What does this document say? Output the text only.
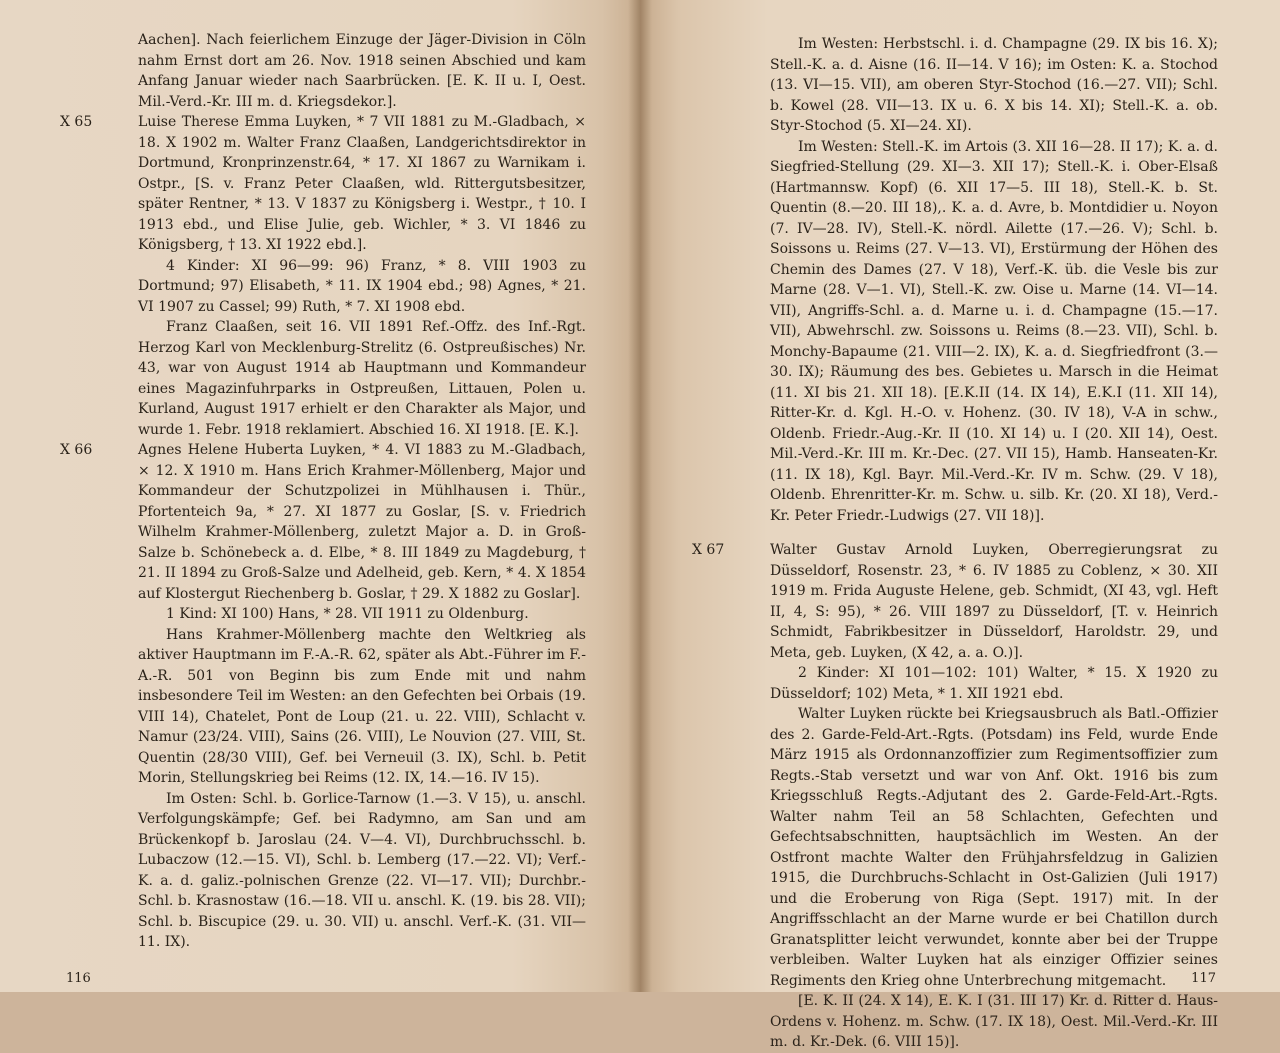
Aachen]. Nach feierlichem Einzuge der Jäger-Division in Cöln nahm Ernst dort am 26. Nov. 1918 seinen Abschied und kam Anfang Januar wieder nach Saarbrücken. [E. K. II u. I, Oest. Mil.-Verd.-Kr. III m. d. Kriegsdekor.].

X 65	Luise Therese Emma Luyken, * 7 VII 1881 zu M.-Gladbach, × 18. X 1902 m. Walter Franz Claaßen, Landgerichtsdirektor in Dortmund, Kronprinzenstr.64, * 17. XI 1867 zu Warnikam i. Ostpr., [S. v. Franz Peter Claaßen, wld. Rittergutsbesitzer, später Rentner, * 13. V 1837 zu Königsberg i. Westpr., † 10. I 1913 ebd., und Elise Julie, geb. Wichler, * 3. VI 1846 zu Königsberg, † 13. XI 1922 ebd.].

4 Kinder: XI 96—99: 96) Franz, * 8. VIII 1903 zu Dortmund; 97) Elisabeth, * 11. IX 1904 ebd.; 98) Agnes, * 21. VI 1907 zu Cassel; 99) Ruth, * 7. XI 1908 ebd.

Franz Claaßen, seit 16. VII 1891 Ref.-Offz. des Inf.-Rgt. Herzog Karl von Mecklenburg-Strelitz (6. Ostpreußisches) Nr. 43, war von August 1914 ab Hauptmann und Kommandeur eines Magazinfuhrparks in Ostpreußen, Littauen, Polen u. Kurland, August 1917 erhielt er den Charakter als Major, und wurde 1. Febr. 1918 reklamiert. Abschied 16. XI 1918. [E. K.].

X 66	Agnes Helene Huberta Luyken, * 4. VI 1883 zu M.-Gladbach, × 12. X 1910 m. Hans Erich Krahmer-Möllenberg, Major und Kommandeur der Schutzpolizei in Mühlhausen i. Thür., Pfortenteich 9a, * 27. XI 1877 zu Goslar, [S. v. Friedrich Wilhelm Krahmer-Möllenberg, zuletzt Major a. D. in Groß-Salze b. Schönebeck a. d. Elbe, * 8. III 1849 zu Magdeburg, † 21. II 1894 zu Groß-Salze und Adelheid, geb. Kern, * 4. X 1854 auf Klostergut Riechenberg b. Goslar, † 29. X 1882 zu Goslar].

1 Kind: XI 100) Hans, * 28. VII 1911 zu Oldenburg.

Hans Krahmer-Möllenberg machte den Weltkrieg als aktiver Hauptmann im F.-A.-R. 62, später als Abt.-Führer im F.-A.-R. 501 von Beginn bis zum Ende mit und nahm insbesondere Teil im Westen: an den Gefechten bei Orbais (19. VIII 14), Chatelet, Pont de Loup (21. u. 22. VIII), Schlacht v. Namur (23/24. VIII), Sains (26. VIII), Le Nouvion (27. VIII, St. Quentin (28/30 VIII), Gef. bei Verneuil (3. IX), Schl. b. Petit Morin, Stellungskrieg bei Reims (12. IX, 14.—16. IV 15).

Im Osten: Schl. b. Gorlice-Tarnow (1.—3. V 15), u. anschl. Verfolgungskämpfe; Gef. bei Radymno, am San und am Brückenkopf b. Jaroslau (24. V—4. VI), Durchbruchsschl. b. Lubaczow (12.—15. VI), Schl. b. Lemberg (17.—22. VI); Verf.-K. a. d. galiz.-polnischen Grenze (22. VI—17. VII); Durchbr.-Schl. b. Krasnostaw (16.—18. VII u. anschl. K. (19. bis 28. VII); Schl. b. Biscupice (29. u. 30. VII) u. anschl. Verf.-K. (31. VII—11. IX).

116

Im Westen: Herbstschl. i. d. Champagne (29. IX bis 16. X); Stell.-K. a. d. Aisne (16. II—14. V 16); im Osten: K. a. Stochod (13. VI—15. VII), am oberen Styr-Stochod (16.—27. VII); Schl. b. Kowel (28. VII—13. IX u. 6. X bis 14. XI); Stell.-K. a. ob. Styr-Stochod (5. XI—24. XI).

Im Westen: Stell.-K. im Artois (3. XII 16—28. II 17); K. a. d. Siegfried-Stellung (29. XI—3. XII 17); Stell.-K. i. Ober-Elsaß (Hartmannsw. Kopf) (6. XII 17—5. III 18), Stell.-K. b. St. Quentin (8.—20. III 18),. K. a. d. Avre, b. Montdidier u. Noyon (7. IV—28. IV), Stell.-K. nördl. Ailette (17.—26. V); Schl. b. Soissons u. Reims (27. V—13. VI), Erstürmung der Höhen des Chemin des Dames (27. V 18), Verf.-K. üb. die Vesle bis zur Marne (28. V—1. VI), Stell.-K. zw. Oise u. Marne (14. VI—14. VII), Angriffs-Schl. a. d. Marne u. i. d. Champagne (15.—17. VII), Abwehrschl. zw. Soissons u. Reims (8.—23. VII), Schl. b. Monchy-Bapaume (21. VIII—2. IX), K. a. d. Siegfriedfront (3.—30. IX); Räumung des bes. Gebietes u. Marsch in die Heimat (11. XI bis 21. XII 18). [E.K.II (14. IX 14), E.K.I (11. XII 14), Ritter-Kr. d. Kgl. H.-O. v. Hohenz. (30. IV 18), V-A in schw., Oldenb. Friedr.-Aug.-Kr. II (10. XI 14) u. I (20. XII 14), Oest. Mil.-Verd.-Kr. III m. Kr.-Dec. (27. VII 15), Hamb. Hanseaten-Kr. (11. IX 18), Kgl. Bayr. Mil.-Verd.-Kr. IV m. Schw. (29. V 18), Oldenb. Ehrenritter-Kr. m. Schw. u. silb. Kr. (20. XI 18), Verd.-Kr. Peter Friedr.-Ludwigs (27. VII 18)].

X 67	Walter Gustav Arnold Luyken, Oberregierungsrat zu Düsseldorf, Rosenstr. 23, * 6. IV 1885 zu Coblenz, × 30. XII 1919 m. Frida Auguste Helene, geb. Schmidt, (XI 43, vgl. Heft II, 4, S: 95), * 26. VIII 1897 zu Düsseldorf, [T. v. Heinrich Schmidt, Fabrikbesitzer in Düsseldorf, Haroldstr. 29, und Meta, geb. Luyken, (X 42, a. a. O.)].

2 Kinder: XI 101—102: 101) Walter, * 15. X 1920 zu Düsseldorf; 102) Meta, * 1. XII 1921 ebd.

Walter Luyken rückte bei Kriegsausbruch als Batl.-Offizier des 2. Garde-Feld-Art.-Rgts. (Potsdam) ins Feld, wurde Ende März 1915 als Ordonnanzoffizier zum Regimentsoffizier zum Regts.-Stab versetzt und war von Anf. Okt. 1916 bis zum Kriegsschluß Regts.-Adjutant des 2. Garde-Feld-Art.-Rgts. Walter nahm Teil an 58 Schlachten, Gefechten und Gefechtsabschnitten, hauptsächlich im Westen. An der Ostfront machte Walter den Frühjahrsfeldzug in Galizien 1915, die Durchbruchs-Schlacht in Ost-Galizien (Juli 1917) und die Eroberung von Riga (Sept. 1917) mit. In der Angriffsschlacht an der Marne wurde er bei Chatillon durch Granatsplitter leicht verwundet, konnte aber bei der Truppe verbleiben. Walter Luyken hat als einziger Offizier seines Regiments den Krieg ohne Unterbrechung mitgemacht.

[E. K. II (24. X 14), E. K. I (31. III 17) Kr. d. Ritter d. Haus-Ordens v. Hohenz. m. Schw. (17. IX 18), Oest. Mil.-Verd.-Kr. III m. d. Kr.-Dek. (6. VIII 15)].

117
